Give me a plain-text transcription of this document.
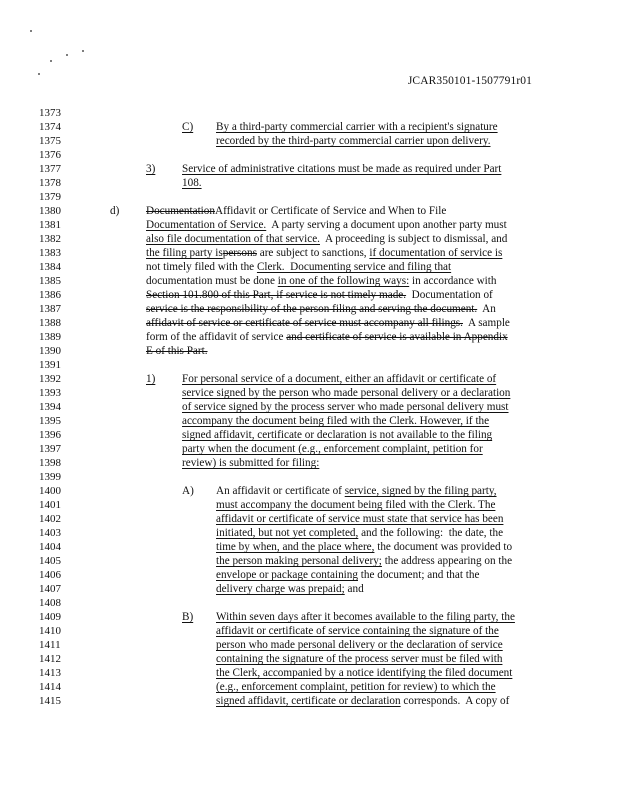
JCAR350101-1507791r01
1373
1374
1375
1376
1377
1378
1379
1380
1381
1382
1383
1384
1385
1386
1387
1388
1389
1390
1391
1392
1393
1394
1395
1396
1397
1398
1399
1400
1401
1402
1403
1404
1405
1406
1407
1408
1409
1410
1411
1412
1413
1414
1415
C) By a third-party commercial carrier with a recipient's signature
recorded by the third-party commercial carrier upon delivery.
3) Service of administrative citations must be made as required under Part
108.
d) DocumentationAffidavit or Certificate of Service and When to File
Documentation of Service.  A party serving a document upon another party must
also file documentation of that service.  A proceeding is subject to dismissal, and
the filing party ispersons are subject to sanctions, if documentation of service is
not timely filed with the Clerk.  Documenting service and filing that
documentation must be done in one of the following ways: in accordance with
Section 101.800 of this Part, if service is not timely made.  Documentation of
service is the responsibility of the person filing and serving the document.  An
affidavit of service or certificate of service must accompany all filings.  A sample
form of the affidavit of service and certificate of service is available in Appendix
E of this Part.
1) For personal service of a document, either an affidavit or certificate of
service signed by the person who made personal delivery or a declaration
of service signed by the process server who made personal delivery must
accompany the document being filed with the Clerk. However, if the
signed affidavit, certificate or declaration is not available to the filing
party when the document (e.g., enforcement complaint, petition for
review) is submitted for filing:
A) An affidavit or certificate of service, signed by the filing party,
must accompany the document being filed with the Clerk. The
affidavit or certificate of service must state that service has been
initiated, but not yet completed, and the following:  the date, the
time by when, and the place where, the document was provided to
the person making personal delivery; the address appearing on the
envelope or package containing the document; and that the
delivery charge was prepaid; and
B) Within seven days after it becomes available to the filing party, the
affidavit or certificate of service containing the signature of the
person who made personal delivery or the declaration of service
containing the signature of the process server must be filed with
the Clerk, accompanied by a notice identifying the filed document
(e.g., enforcement complaint, petition for review) to which the
signed affidavit, certificate or declaration corresponds.  A copy of
